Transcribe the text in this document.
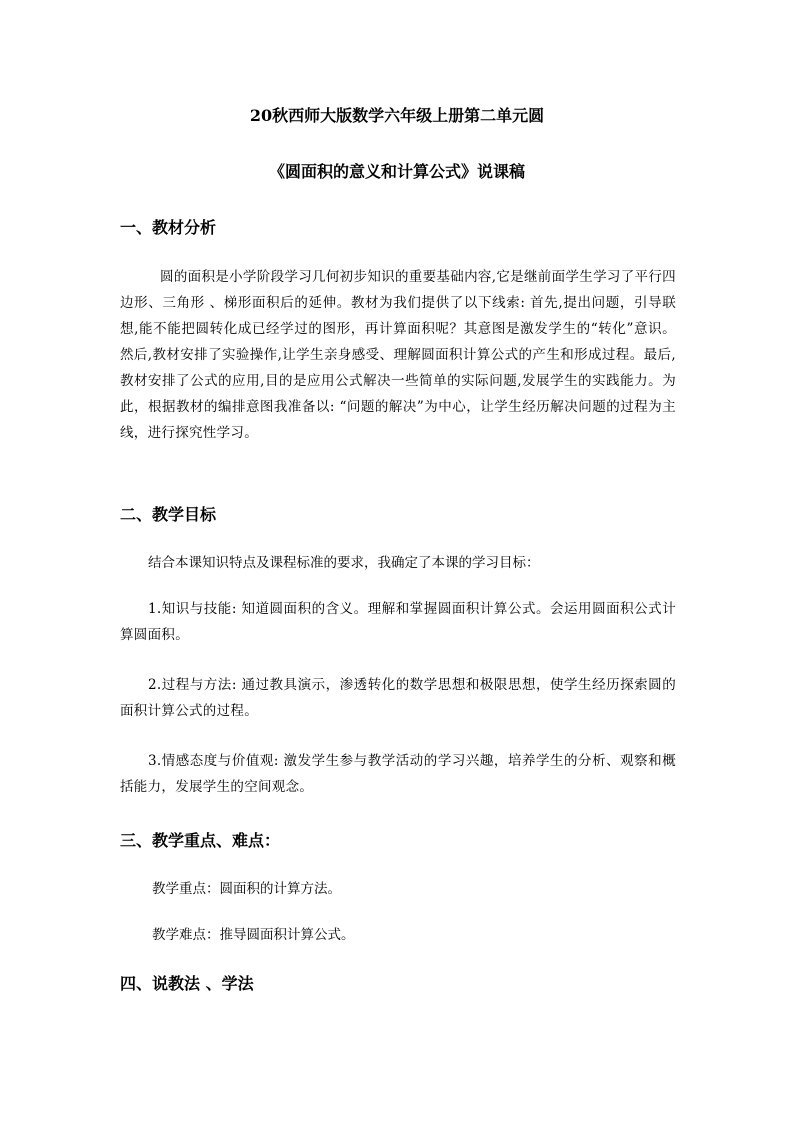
20秋西师大版数学六年级上册第二单元圆
《圆面积的意义和计算公式》说课稿
一、教材分析
圆的面积是小学阶段学习几何初步知识的重要基础内容,它是继前面学生学习了平行四边形、三角形 、梯形面积后的延伸。教材为我们提供了以下线索: 首先,提出问题，引导联想,能不能把圆转化成已经学过的图形，再计算面积呢？其意图是激发学生的“转化”意识。然后,教材安排了实验操作,让学生亲身感受、理解圆面积计算公式的产生和形成过程。最后,教材安排了公式的应用,目的是应用公式解决一些简单的实际问题,发展学生的实践能力。为此，根据教材的编排意图我准备以: “问题的解决”为中心，让学生经历解决问题的过程为主线，进行探究性学习。
二、教学目标
结合本课知识特点及课程标准的要求，我确定了本课的学习目标：
1.知识与技能: 知道圆面积的含义。理解和掌握圆面积计算公式。会运用圆面积公式计算圆面积。
2.过程与方法: 通过教具演示，渗透转化的数学思想和极限思想，使学生经历探索圆的面积计算公式的过程。
3.情感态度与价值观: 激发学生参与教学活动的学习兴趣，培养学生的分析、观察和概括能力，发展学生的空间观念。
三、教学重点、难点：
教学重点：圆面积的计算方法。
教学难点：推导圆面积计算公式。
四、说教法 、学法
